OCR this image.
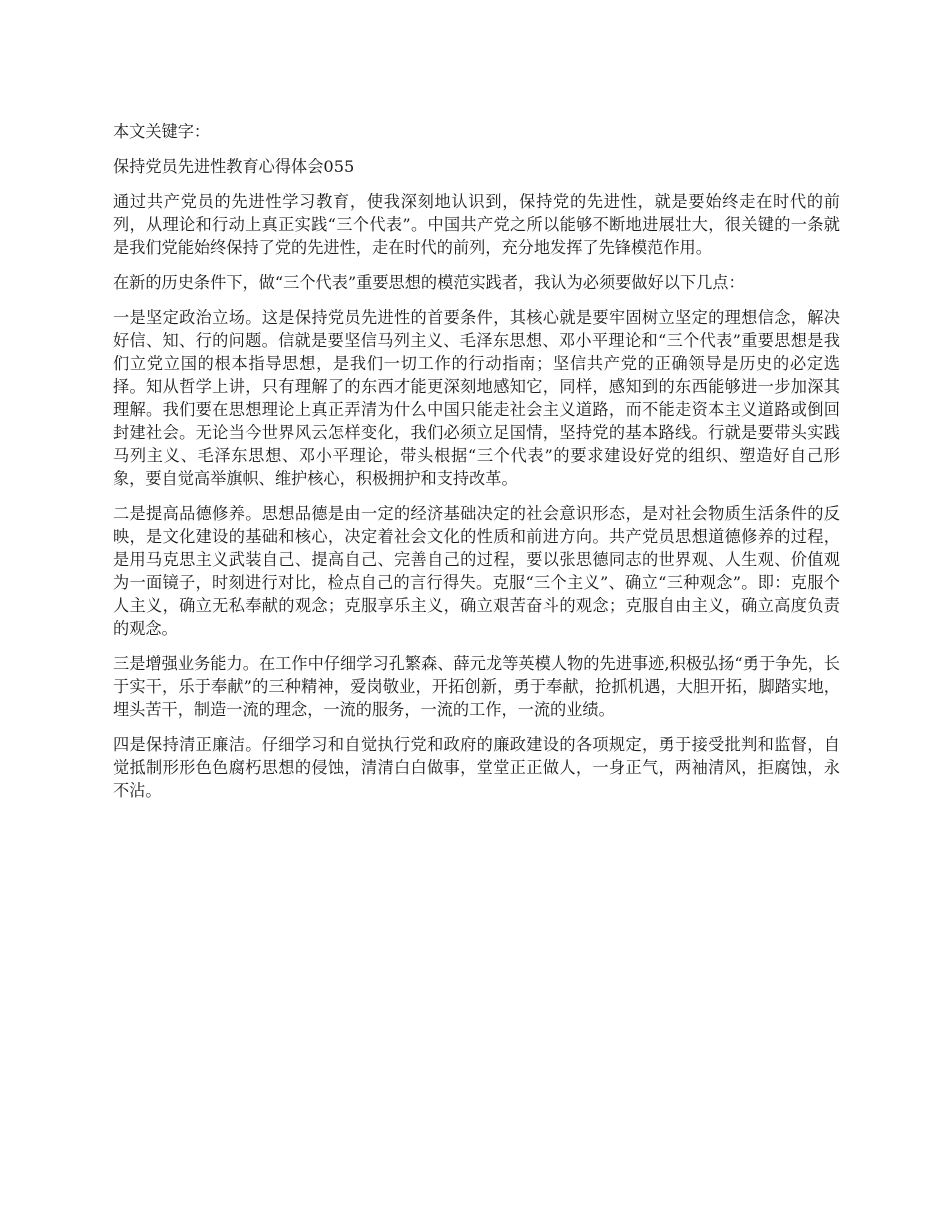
本文关键字：

保持党员先进性教育心得体会055

通过共产党员的先进性学习教育，使我深刻地认识到，保持党的先进性，就是要始终走在时代的前列，从理论和行动上真正实践“三个代表”。中国共产党之所以能够不断地进展壮大，很关键的一条就是我们党能始终保持了党的先进性，走在时代的前列，充分地发挥了先锋模范作用。

在新的历史条件下，做“三个代表”重要思想的模范实践者，我认为必须要做好以下几点：

一是坚定政治立场。这是保持党员先进性的首要条件，其核心就是要牢固树立坚定的理想信念，解决好信、知、行的问题。信就是要坚信马列主义、毛泽东思想、邓小平理论和“三个代表”重要思想是我们立党立国的根本指导思想，是我们一切工作的行动指南；坚信共产党的正确领导是历史的必定选择。知从哲学上讲，只有理解了的东西才能更深刻地感知它，同样，感知到的东西能够进一步加深其理解。我们要在思想理论上真正弄清为什么中国只能走社会主义道路，而不能走资本主义道路或倒回封建社会。无论当今世界风云怎样变化，我们必须立足国情，坚持党的基本路线。行就是要带头实践马列主义、毛泽东思想、邓小平理论，带头根据“三个代表”的要求建设好党的组织、塑造好自己形象，要自觉高举旗帜、维护核心，积极拥护和支持改革。

二是提高品德修养。思想品德是由一定的经济基础决定的社会意识形态，是对社会物质生活条件的反映，是文化建设的基础和核心，决定着社会文化的性质和前进方向。共产党员思想道德修养的过程，是用马克思主义武装自己、提高自己、完善自己的过程，要以张思德同志的世界观、人生观、价值观为一面镜子，时刻进行对比，检点自己的言行得失。克服“三个主义”、确立“三种观念”。即：克服个人主义，确立无私奉献的观念；克服享乐主义，确立艰苦奋斗的观念；克服自由主义，确立高度负责的观念。

三是增强业务能力。在工作中仔细学习孔繁森、薛元龙等英模人物的先进事迹,积极弘扬“勇于争先，长于实干，乐于奉献”的三种精神，爱岗敬业，开拓创新，勇于奉献，抢抓机遇，大胆开拓，脚踏实地，埋头苦干，制造一流的理念，一流的服务，一流的工作，一流的业绩。

四是保持清正廉洁。仔细学习和自觉执行党和政府的廉政建设的各项规定，勇于接受批判和监督，自觉抵制形形色色腐朽思想的侵蚀，清清白白做事，堂堂正正做人，一身正气，两袖清风，拒腐蚀，永不沾。
